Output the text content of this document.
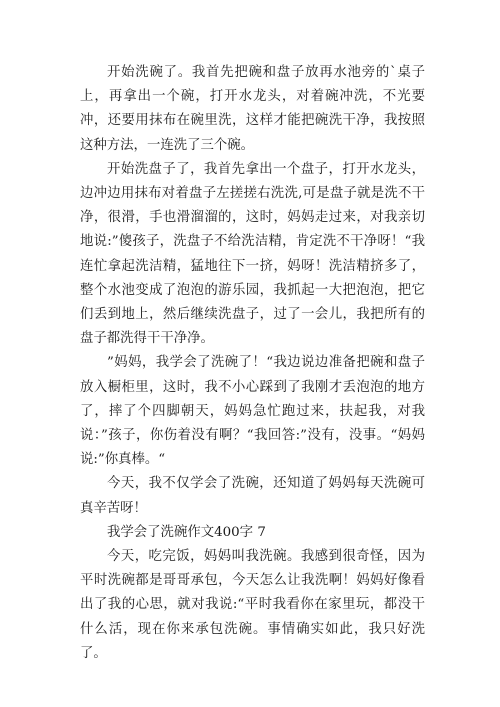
开始洗碗了。我首先把碗和盘子放再水池旁的`桌子上，再拿出一个碗，打开水龙头，对着碗冲洗，不光要冲，还要用抹布在碗里洗，这样才能把碗洗干净，我按照这种方法，一连洗了三个碗。

开始洗盘子了，我首先拿出一个盘子，打开水龙头，边冲边用抹布对着盘子左搓搓右洗洗,可是盘子就是洗不干净，很滑，手也滑溜溜的，这时，妈妈走过来，对我亲切地说:”傻孩子，洗盘子不给洗洁精，肯定洗不干净呀！“我连忙拿起洗洁精，猛地往下一挤，妈呀！洗洁精挤多了，整个水池变成了泡泡的游乐园，我抓起一大把泡泡，把它们丢到地上，然后继续洗盘子，过了一会儿，我把所有的盘子都洗得干干净净。

”妈妈，我学会了洗碗了！“我边说边准备把碗和盘子放入橱柜里，这时，我不小心踩到了我刚才丢泡泡的地方了，摔了个四脚朝天，妈妈急忙跑过来，扶起我，对我说：”孩子，你伤着没有啊？“我回答:”没有，没事。“妈妈说:”你真棒。“

今天，我不仅学会了洗碗，还知道了妈妈每天洗碗可真辛苦呀！

我学会了洗碗作文400字 7

今天，吃完饭，妈妈叫我洗碗。我感到很奇怪，因为平时洗碗都是哥哥承包，今天怎么让我洗啊！妈妈好像看出了我的心思，就对我说:“平时我看你在家里玩，都没干什么活，现在你来承包洗碗。事情确实如此，我只好洗了。
